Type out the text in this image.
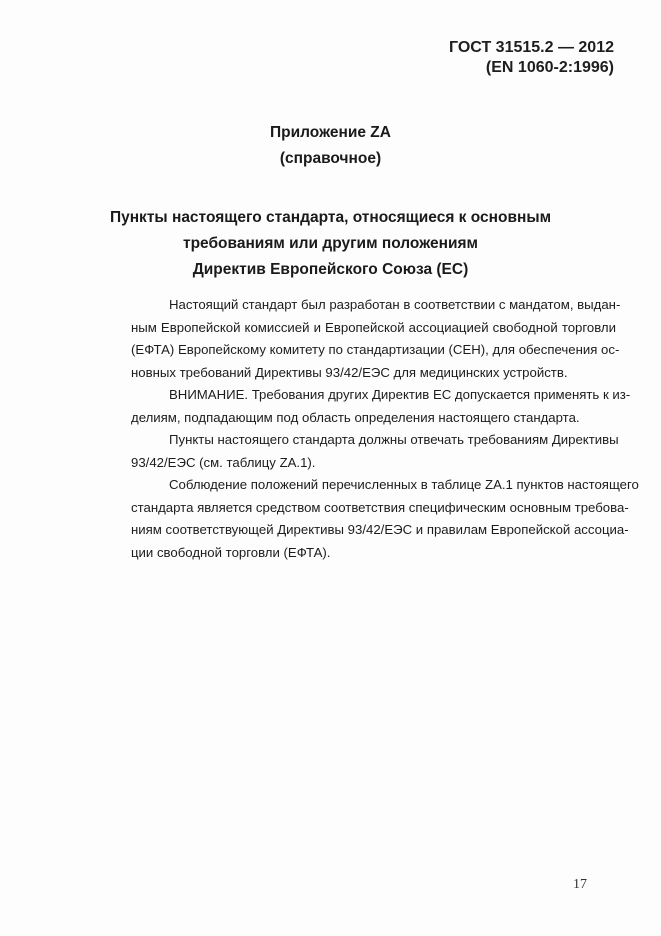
ГОСТ 31515.2 — 2012
(EN 1060-2:1996)
Приложение ZA
(справочное)
Пункты настоящего стандарта, относящиеся к основным
требованиям или другим положениям
Директив Европейского Союза (ЕС)
Настоящий стандарт был разработан в соответствии с мандатом, выдан-
ным Европейской комиссией и Европейской ассоциацией свободной торговли
(ЕФТА) Европейскому комитету по стандартизации (СЕН), для обеспечения ос-
новных требований Директивы 93/42/ЕЭС для медицинских устройств.
ВНИМАНИЕ. Требования других Директив ЕС допускается применять к из-
делиям, подпадающим под область определения настоящего стандарта.
Пункты настоящего стандарта должны отвечать требованиям Директивы
93/42/ЕЭС (см. таблицу ZA.1).
Соблюдение положений перечисленных в таблице ZA.1 пунктов настоящего
стандарта является средством соответствия специфическим основным требова-
ниям соответствующей Директивы 93/42/ЕЭС и правилам Европейской ассоциа-
ции свободной торговли (ЕФТА).
17
